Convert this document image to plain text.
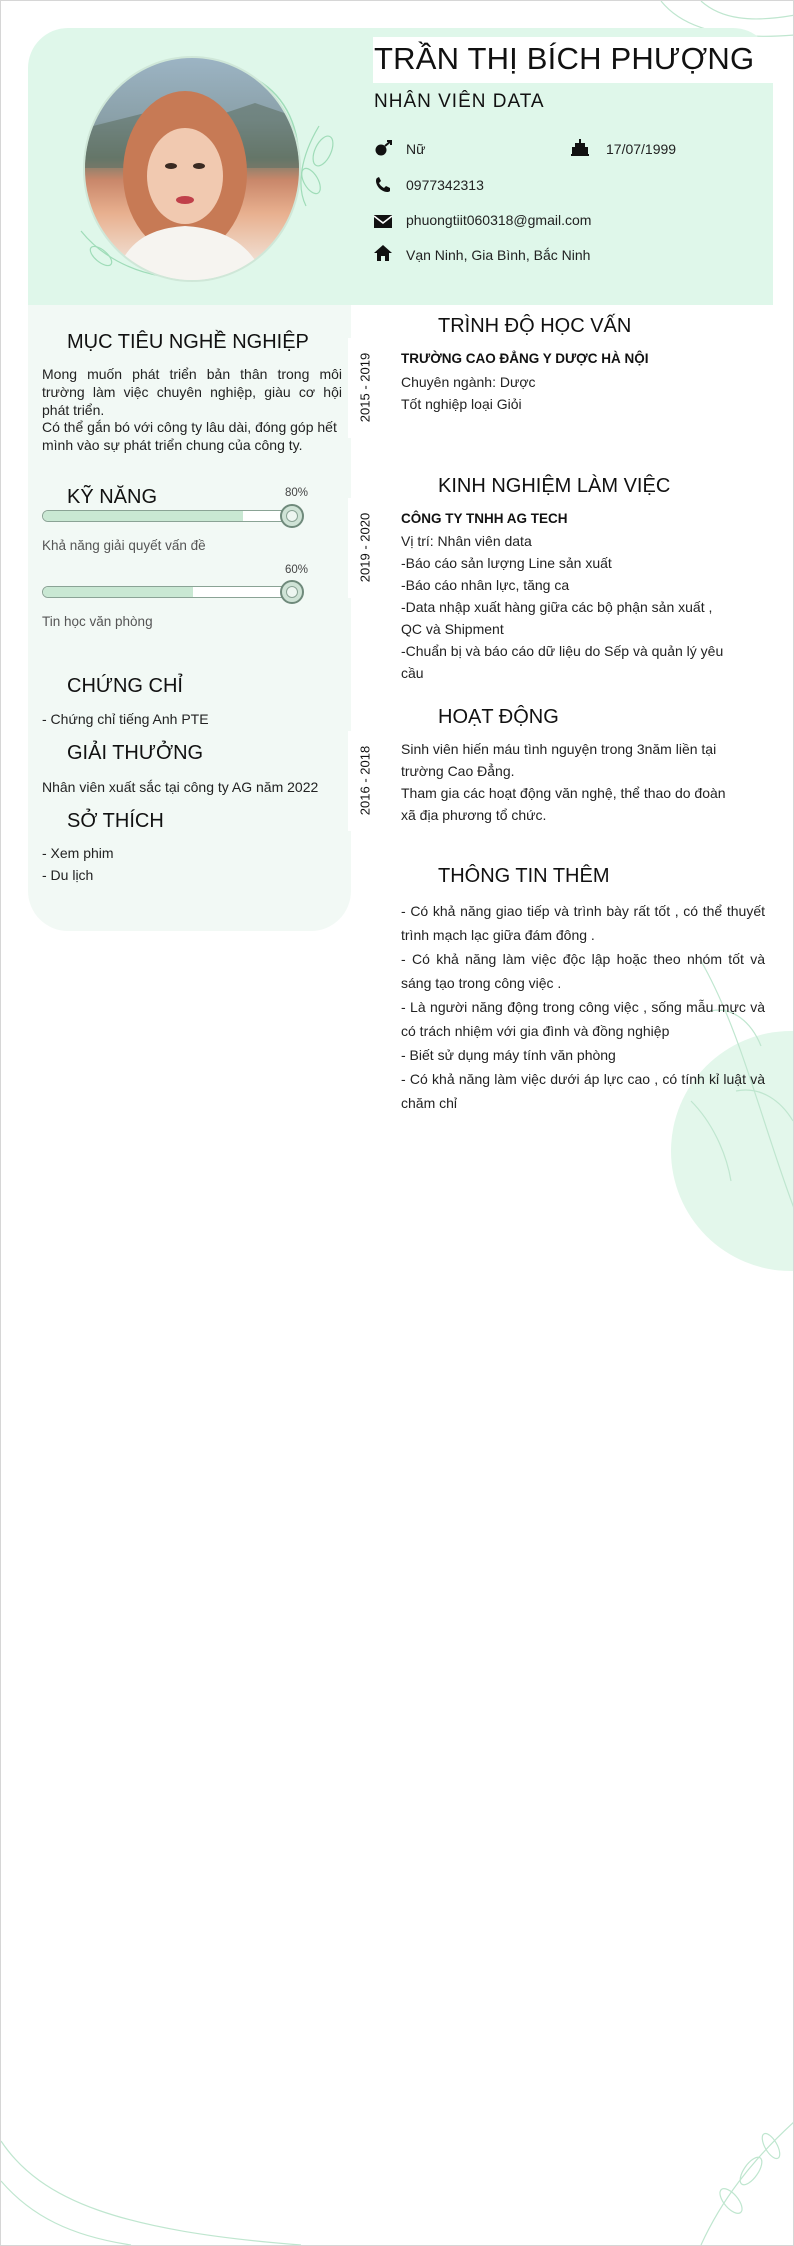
TRẦN THỊ BÍCH PHƯỢNG
NHÂN VIÊN DATA
Nữ	17/07/1999
0977342313
phuongtiit060318@gmail.com
Vạn Ninh, Gia Bình, Bắc Ninh
MỤC TIÊU NGHỀ NGHIỆP
Mong muốn phát triển bản thân trong môi trường làm việc chuyên nghiệp, giàu cơ hội phát triển.
Có thể gắn bó với công ty lâu dài, đóng góp hết mình vào sự phát triển chung của công ty.
KỸ NĂNG	80%
Khả năng giải quyết vấn đề
60%
Tin học văn phòng
CHỨNG CHỈ
- Chứng chỉ tiếng Anh PTE
GIẢI THƯỞNG
Nhân viên xuất sắc tại công ty AG năm 2022
SỞ THÍCH
- Xem phim
- Du lịch
2015 - 2019
2019 - 2020
2016 - 2018
TRÌNH ĐỘ HỌC VẤN
TRƯỜNG CAO ĐẲNG Y DƯỢC HÀ NỘI
Chuyên ngành: Dược
Tốt nghiệp loại Giỏi
KINH NGHIỆM LÀM VIỆC
CÔNG TY TNHH AG TECH
Vị trí: Nhân viên data
-Báo cáo sản lượng Line sản xuất
-Báo cáo nhân lực, tăng ca
-Data nhập xuất hàng giữa các bộ phận sản xuất , QC và Shipment
-Chuẩn bị và báo cáo dữ liệu do Sếp và quản lý yêu cầu
HOẠT ĐỘNG
Sinh viên hiến máu tình nguyện trong 3năm liền tại trường Cao Đẳng.
Tham gia các hoạt động văn nghệ, thể thao do đoàn xã địa phương tổ chức.
THÔNG TIN THÊM
- Có khả năng giao tiếp và trình bày rất tốt , có thể thuyết trình mạch lạc giữa đám đông .
- Có khả năng làm việc độc lập hoặc theo nhóm tốt và sáng tạo trong công việc .
- Là người năng động trong công việc , sống mẫu mực và có trách nhiệm với gia đình và đồng nghiệp
- Biết sử dụng máy tính văn phòng
- Có khả năng làm việc dưới áp lực cao , có tính kỉ luật và chăm chỉ
